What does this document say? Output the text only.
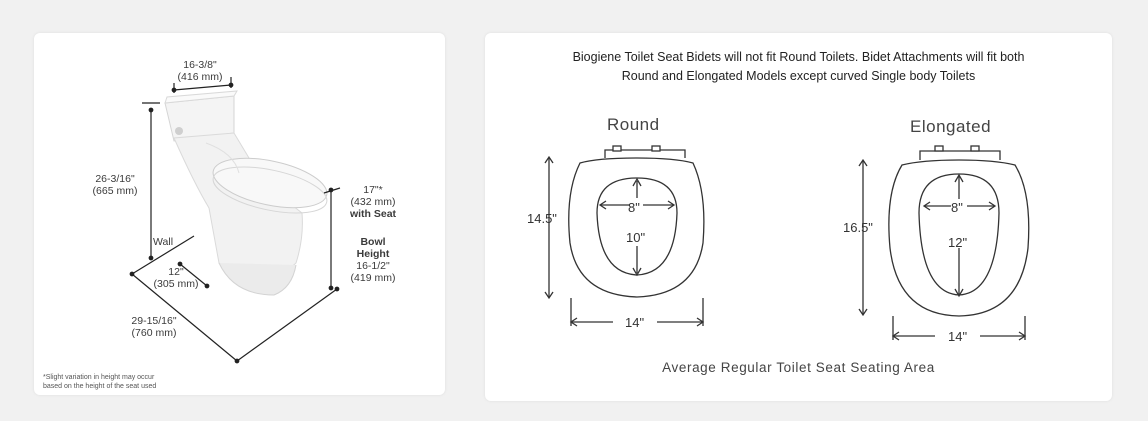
16-3/8"
(416 mm)
26-3/16"
(665 mm)
Wall
12"
(305 mm)
29-15/16"
(760 mm)
17"*
(432 mm)
with Seat
Bowl
Height
16-1/2"
(419 mm)
*Slight variation in height may occur
based on the height of the seat used
Biogiene Toilet Seat Bidets will not fit Round Toilets. Bidet Attachments will fit both
Round and Elongated Models except curved Single body Toilets
Round	Elongated
14.5"
8"
10"
14"
16.5"
8"
12"
14"
Average Regular Toilet Seat Seating Area
